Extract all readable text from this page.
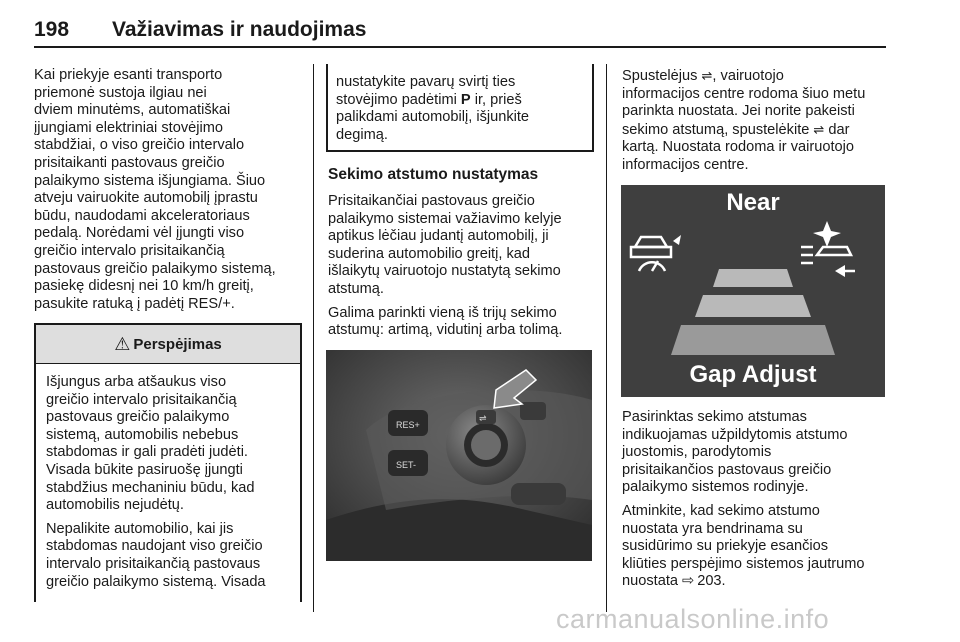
198 Važiavimas ir naudojimas

Kai priekyje esanti transporto
priemonė sustoja ilgiau nei
dviem minutėms, automatiškai
įjungiami elektriniai stovėjimo
stabdžiai, o viso greičio intervalo
prisitaikanti pastovaus greičio
palaikymo sistema išjungiama. Šiuo
atveju vairuokite automobilį įprastu
būdu, naudodami akceleratoriaus
pedalą. Norėdami vėl įjungti viso
greičio intervalo prisitaikančią
pastovaus greičio palaikymo sistemą,
pasiekę didesnį nei 10 km/h greitį,
pasukite ratuką į padėtį RES/+.

⚠ Perspėjimas

Išjungus arba atšaukus viso
greičio intervalo prisitaikančią
pastovaus greičio palaikymo
sistemą, automobilis nebebus
stabdomas ir gali pradėti judėti.
Visada būkite pasiruošę įjungti
stabdžius mechaniniu būdu, kad
automobilis nejudėtų.

Nepalikite automobilio, kai jis
stabdomas naudojant viso greičio
intervalo prisitaikančią pastovaus
greičio palaikymo sistemą. Visada

nustatykite pavarų svirtį ties
stovėjimo padėtimi P ir, prieš
palikdami automobilį, išjunkite
degimą.
Sekimo atstumo nustatymas

Prisitaikančiai pastovaus greičio
palaikymo sistemai važiavimo kelyje
aptikus lėčiau judantį automobilį, ji
suderina automobilio greitį, kad
išlaikytų vairuotojo nustatytą sekimo
atstumą.

Galima parinkti vieną iš trijų sekimo
atstumų: artimą, vidutinį arba tolimą.

RES+
SET-
⇌

Spustelėjus ⇌, vairuotojo
informacijos centre rodoma šiuo metu
parinkta nuostata. Jei norite pakeisti
sekimo atstumą, spustelėkite ⇌ dar
kartą. Nuostata rodoma ir vairuotojo
informacijos centre.

Near
Gap Adjust

Pasirinktas sekimo atstumas
indikuojamas užpildytomis atstumo
juostomis, parodytomis
prisitaikančios pastovaus greičio
palaikymo sistemos rodinyje.

Atminkite, kad sekimo atstumo
nuostata yra bendrinama su
susidūrimo su priekyje esančios
kliūties perspėjimo sistemos jautrumo
nuostata ⇨  203.

carmanualsonline.info
